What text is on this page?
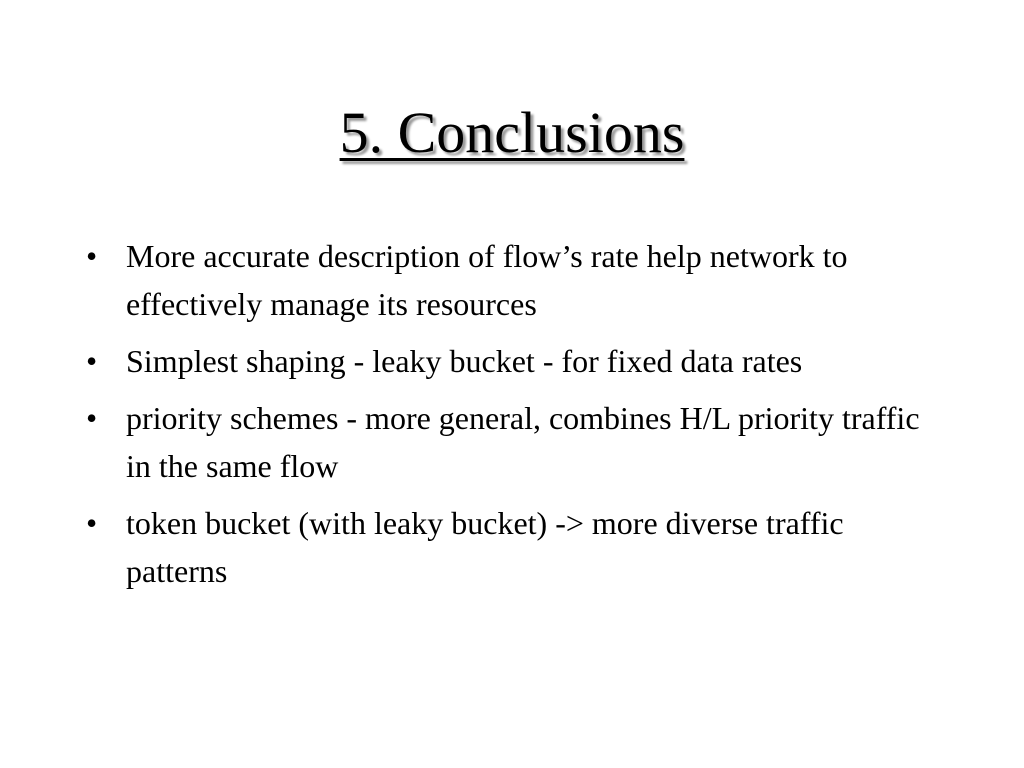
5. Conclusions
• More accurate description of flow’s rate help network to effectively manage its resources
• Simplest shaping - leaky bucket - for fixed data rates
• priority schemes - more general, combines H/L priority traffic in the same flow
• token bucket (with leaky bucket) -> more diverse traffic patterns
